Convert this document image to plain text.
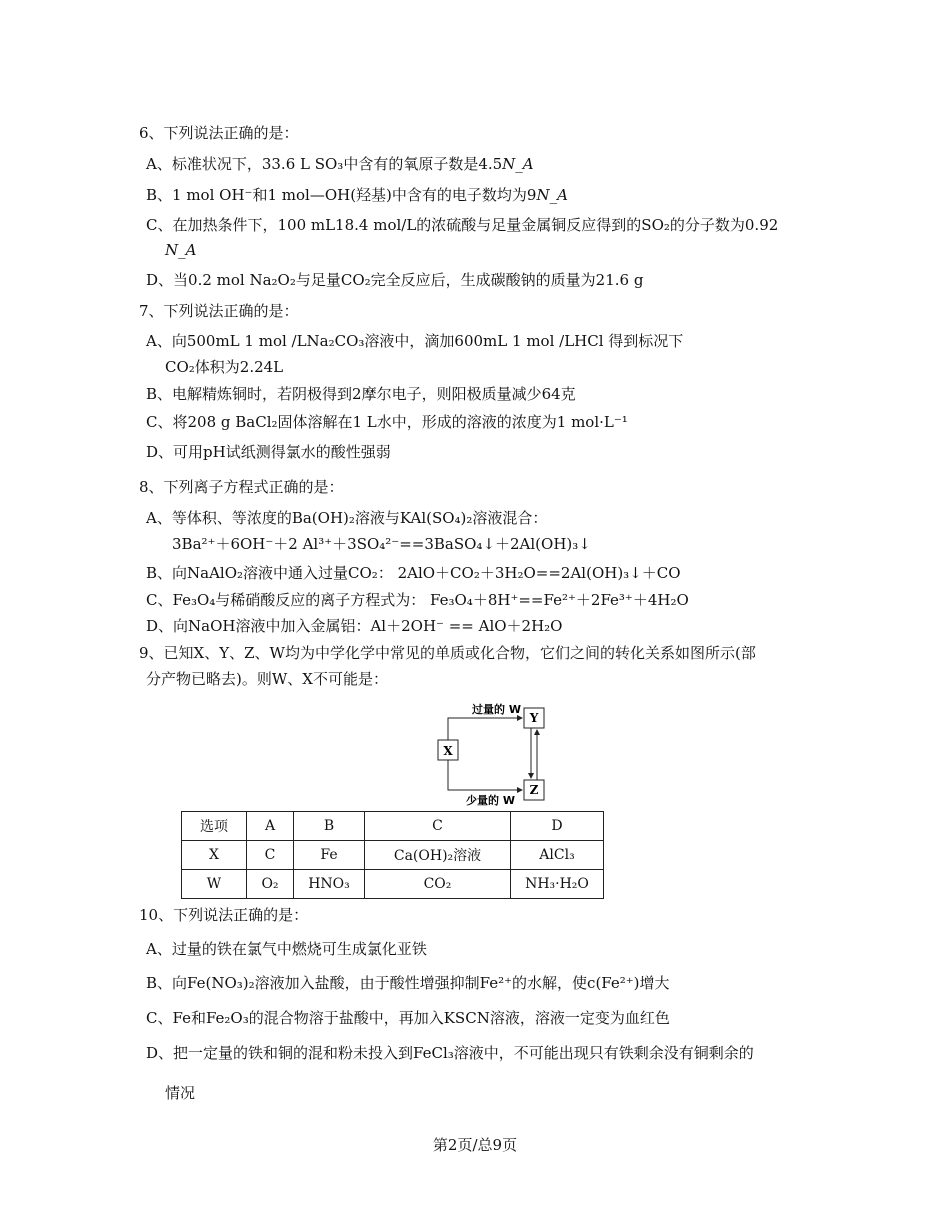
6、下列说法正确的是：
A、标准状况下，33.6 L SO₃中含有的氧原子数是4.5N_A
B、1 mol OH⁻和1 mol—OH(羟基)中含有的电子数均为9N_A
C、在加热条件下，100 mL18.4 mol/L的浓硫酸与足量金属铜反应得到的SO₂的分子数为0.92
N_A
D、当0.2 mol Na₂O₂与足量CO₂完全反应后，生成碳酸钠的质量为21.6 g
7、下列说法正确的是：
A、向500mL 1 mol /LNa₂CO₃溶液中，滴加600mL 1 mol /LHCl 得到标况下
CO₂体积为2.24L
B、电解精炼铜时，若阴极得到2摩尔电子，则阳极质量减少64克
C、将208 g BaCl₂固体溶解在1 L水中，形成的溶液的浓度为1 mol·L⁻¹
D、可用pH试纸测得氯水的酸性强弱
8、下列离子方程式正确的是：
A、等体积、等浓度的Ba(OH)₂溶液与KAl(SO₄)₂溶液混合：
3Ba²⁺＋6OH⁻＋2 Al³⁺＋3SO₄²⁻==3BaSO₄↓＋2Al(OH)₃↓
B、向NaAlO₂溶液中通入过量CO₂： 2AlO＋CO₂＋3H₂O==2Al(OH)₃↓＋CO
C、Fe₃O₄与稀硝酸反应的离子方程式为： Fe₃O₄＋8H⁺==Fe²⁺＋2Fe³⁺＋4H₂O
D、向NaOH溶液中加入金属铝：Al＋2OH⁻ == AlO＋2H₂O
9、已知X、Y、Z、W均为中学化学中常见的单质或化合物，它们之间的转化关系如图所示(部
分产物已略去)。则W、X不可能是：
X
Y
Z
过量的 W
少量的 W
选项	A	B	C	D
X	C	Fe	Ca(OH)₂溶液	AlCl₃
W	O₂	HNO₃	CO₂	NH₃·H₂O
10、下列说法正确的是：
A、过量的铁在氯气中燃烧可生成氯化亚铁
B、向Fe(NO₃)₂溶液加入盐酸，由于酸性增强抑制Fe²⁺的水解，使c(Fe²⁺)增大
C、Fe和Fe₂O₃的混合物溶于盐酸中，再加入KSCN溶液，溶液一定变为血红色
D、把一定量的铁和铜的混和粉未投入到FeCl₃溶液中，不可能出现只有铁剩余没有铜剩余的
情况
第2页/总9页
